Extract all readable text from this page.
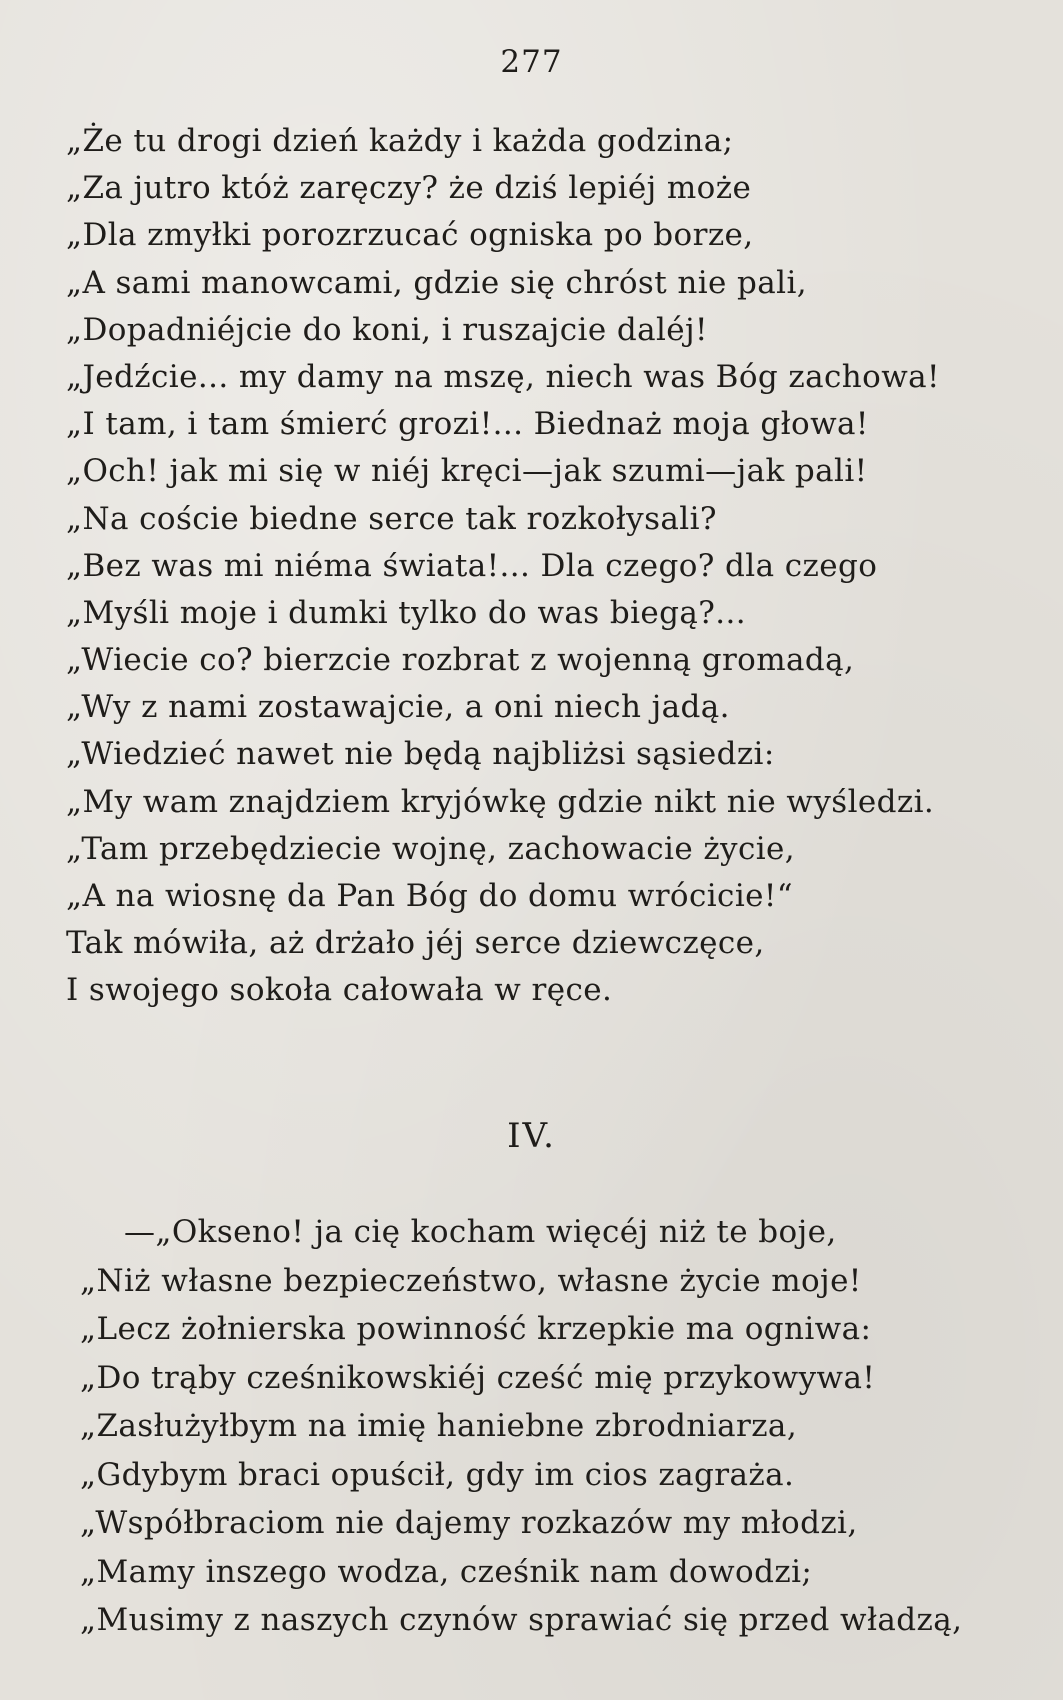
277
„Że tu drogi dzień każdy i każda godzina;
„Za jutro któż zaręczy? że dziś lepiéj może
„Dla zmyłki porozrzucać ogniska po borze,
„A sami manowcami, gdzie się chróst nie pali,
„Dopadniéjcie do koni, i ruszajcie daléj!
„Jedźcie... my damy na mszę, niech was Bóg zachowa!
„I tam, i tam śmierć grozi!... Biednaż moja głowa!
„Och! jak mi się w niéj kręci—jak szumi—jak pali!
„Na coście biedne serce tak rozkołysali?
„Bez was mi niéma świata!... Dla czego? dla czego
„Myśli moje i dumki tylko do was biegą?...
„Wiecie co? bierzcie rozbrat z wojenną gromadą,
„Wy z nami zostawajcie, a oni niech jadą.
„Wiedzieć nawet nie będą najbliżsi sąsiedzi:
„My wam znajdziem kryjówkę gdzie nikt nie wyśledzi.
„Tam przebędziecie wojnę, zachowacie życie,
„A na wiosnę da Pan Bóg do domu wrócicie!“
Tak mówiła, aż drżało jéj serce dziewczęce,
I swojego sokoła całowała w ręce.
IV.
—„Okseno! ja cię kocham więcéj niż te boje,
„Niż własne bezpieczeństwo, własne życie moje!
„Lecz żołnierska powinność krzepkie ma ogniwa:
„Do trąby cześnikowskiéj cześć mię przykowywa!
„Zasłużyłbym na imię haniebne zbrodniarza,
„Gdybym braci opuścił, gdy im cios zagraża.
„Współbraciom nie dajemy rozkazów my młodzi,
„Mamy inszego wodza, cześnik nam dowodzi;
„Musimy z naszych czynów sprawiać się przed władzą,
